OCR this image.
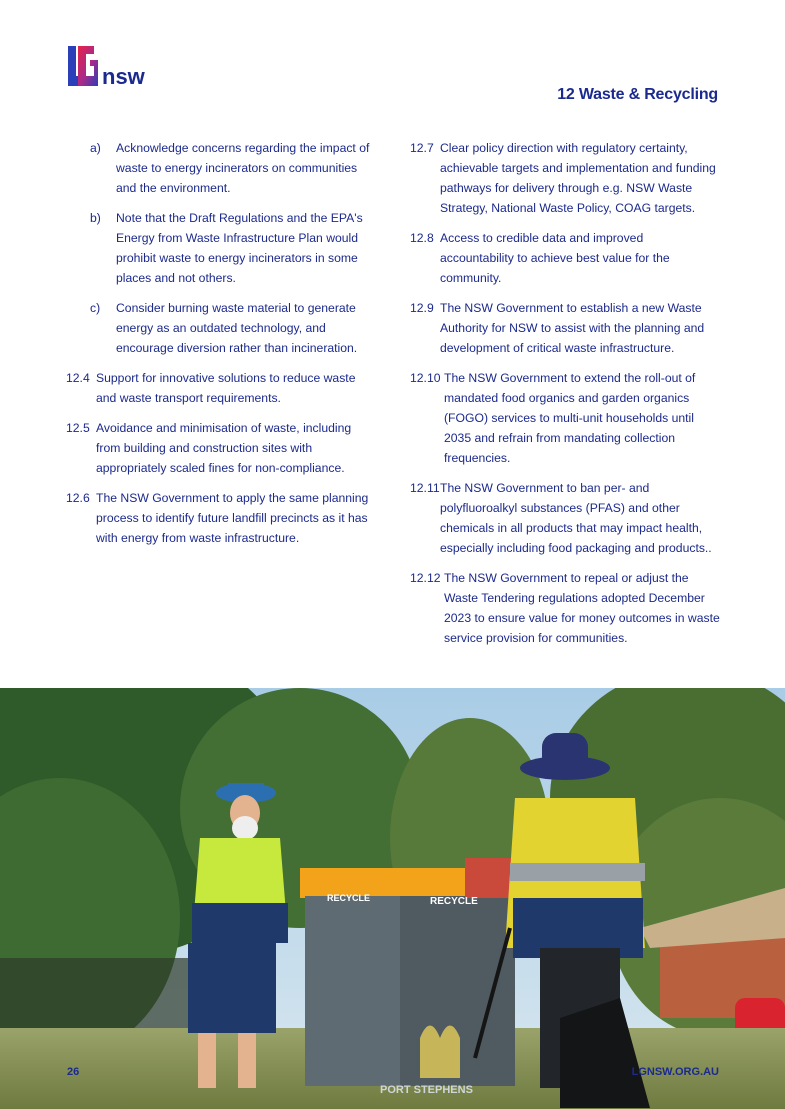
nsw
12 Waste & Recycling
a)	Acknowledge concerns regarding the impact of waste to energy incinerators on communities and the environment.
b)	Note that the Draft Regulations and the EPA's Energy from Waste Infrastructure Plan would prohibit waste to energy incinerators in some places and not others.
c)	Consider burning waste material to generate energy as an outdated technology, and encourage diversion rather than incineration.
12.4 Support for innovative solutions to reduce waste and waste transport requirements.
12.5 Avoidance and minimisation of waste, including from building and construction sites with appropriately scaled fines for non-compliance.
12.6 The NSW Government to apply the same planning process to identify future landfill precincts as it has with energy from waste infrastructure.
12.7 Clear policy direction with regulatory certainty, achievable targets and implementation and funding pathways for delivery through e.g. NSW Waste Strategy, National Waste Policy, COAG targets.
12.8 Access to credible data and improved accountability to achieve best value for the community.
12.9 The NSW Government to establish a new Waste Authority for NSW to assist with the planning and development of critical waste infrastructure.
12.10 The NSW Government to extend the roll-out of mandated food organics and garden organics (FOGO) services to multi-unit households until 2035 and refrain from mandating collection frequencies.
12.11 The NSW Government to ban per- and polyfluoroalkyl substances (PFAS) and other chemicals in all products that may impact health, especially including food packaging and products..
12.12 The NSW Government to repeal or adjust the Waste Tendering regulations adopted December 2023 to ensure value for money outcomes in waste service provision for communities.
RECYCLE	RECYCLE
PORT STEPHENS
26	LGNSW.ORG.AU
